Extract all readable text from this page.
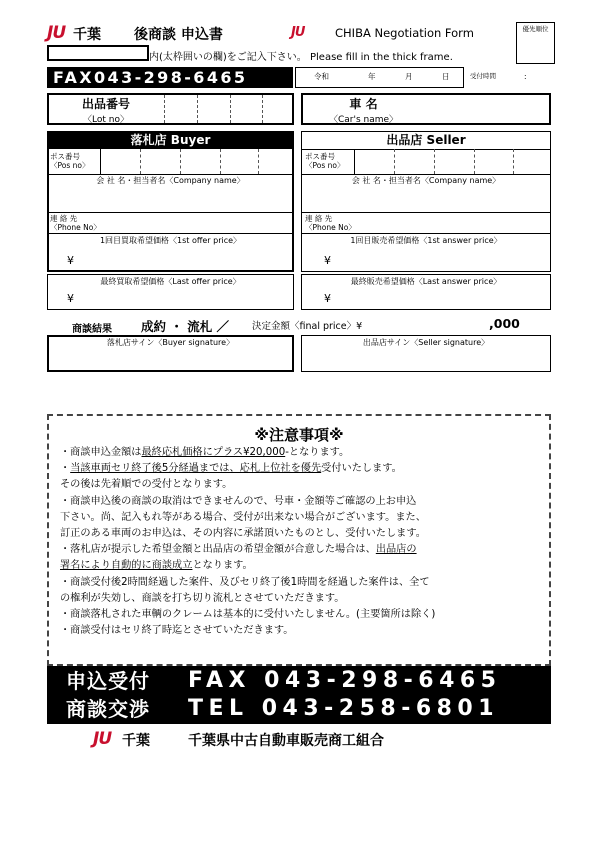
JU 千葉 後商談 申込書	JU	CHIBA Negotiation Form	優先順位
内(太枠囲いの欄)をご記入下さい。 Please fill in the thick frame.
FAX043-298-6465	令和	年	月	日	受付時間	:
出品番号
〈Lot no〉
車 名
〈Car's name〉
落札店 Buyer
ポス番号
〈Pos no〉
会 社 名・担当者名〈Company name〉
連 絡 先
〈Phone No〉
1回目買取希望価格〈1st offer price〉
¥
最終買取希望価格〈Last offer price〉
¥
出品店 Seller
ポス番号
〈Pos no〉
会 社 名・担当者名〈Company name〉
連 絡 先
〈Phone No〉
1回目販売希望価格〈1st answer price〉
¥
最終販売希望価格〈Last answer price〉
¥
商談結果 成約 ・ 流札 ／ 決定金額〈final price〉¥	,000
落札店サイン〈Buyer signature〉	出品店サイン〈Seller signature〉
※注意事項※
・商談申込金額は最終応札価格にプラス¥20,000-となります。
・当該車両セリ終了後5分経過までは、応札上位社を優先受付いたします。
その後は先着順での受付となります。
・商談申込後の商談の取消はできませんので、号車・金額等ご確認の上お申込
下さい。尚、記入もれ等がある場合、受付が出来ない場合がございます。また、
訂正のある車両のお申込は、その内容に承諾頂いたものとし、受付いたします。
・落札店が提示した希望金額と出品店の希望金額が合意した場合は、出品店の
署名により自動的に商談成立となります。
・商談受付後2時間経過した案件、及びセリ終了後1時間を経過した案件は、全て
の権利が失効し、商談を打ち切り流札とさせていただきます。
・商談落札された車輌のクレームは基本的に受付いたしません。(主要箇所は除く)
・商談受付はセリ終了時迄とさせていただきます。
申込受付 FAX 043-298-6465
商談交渉 TEL 043-258-6801
JU 千葉	千葉県中古自動車販売商工組合
